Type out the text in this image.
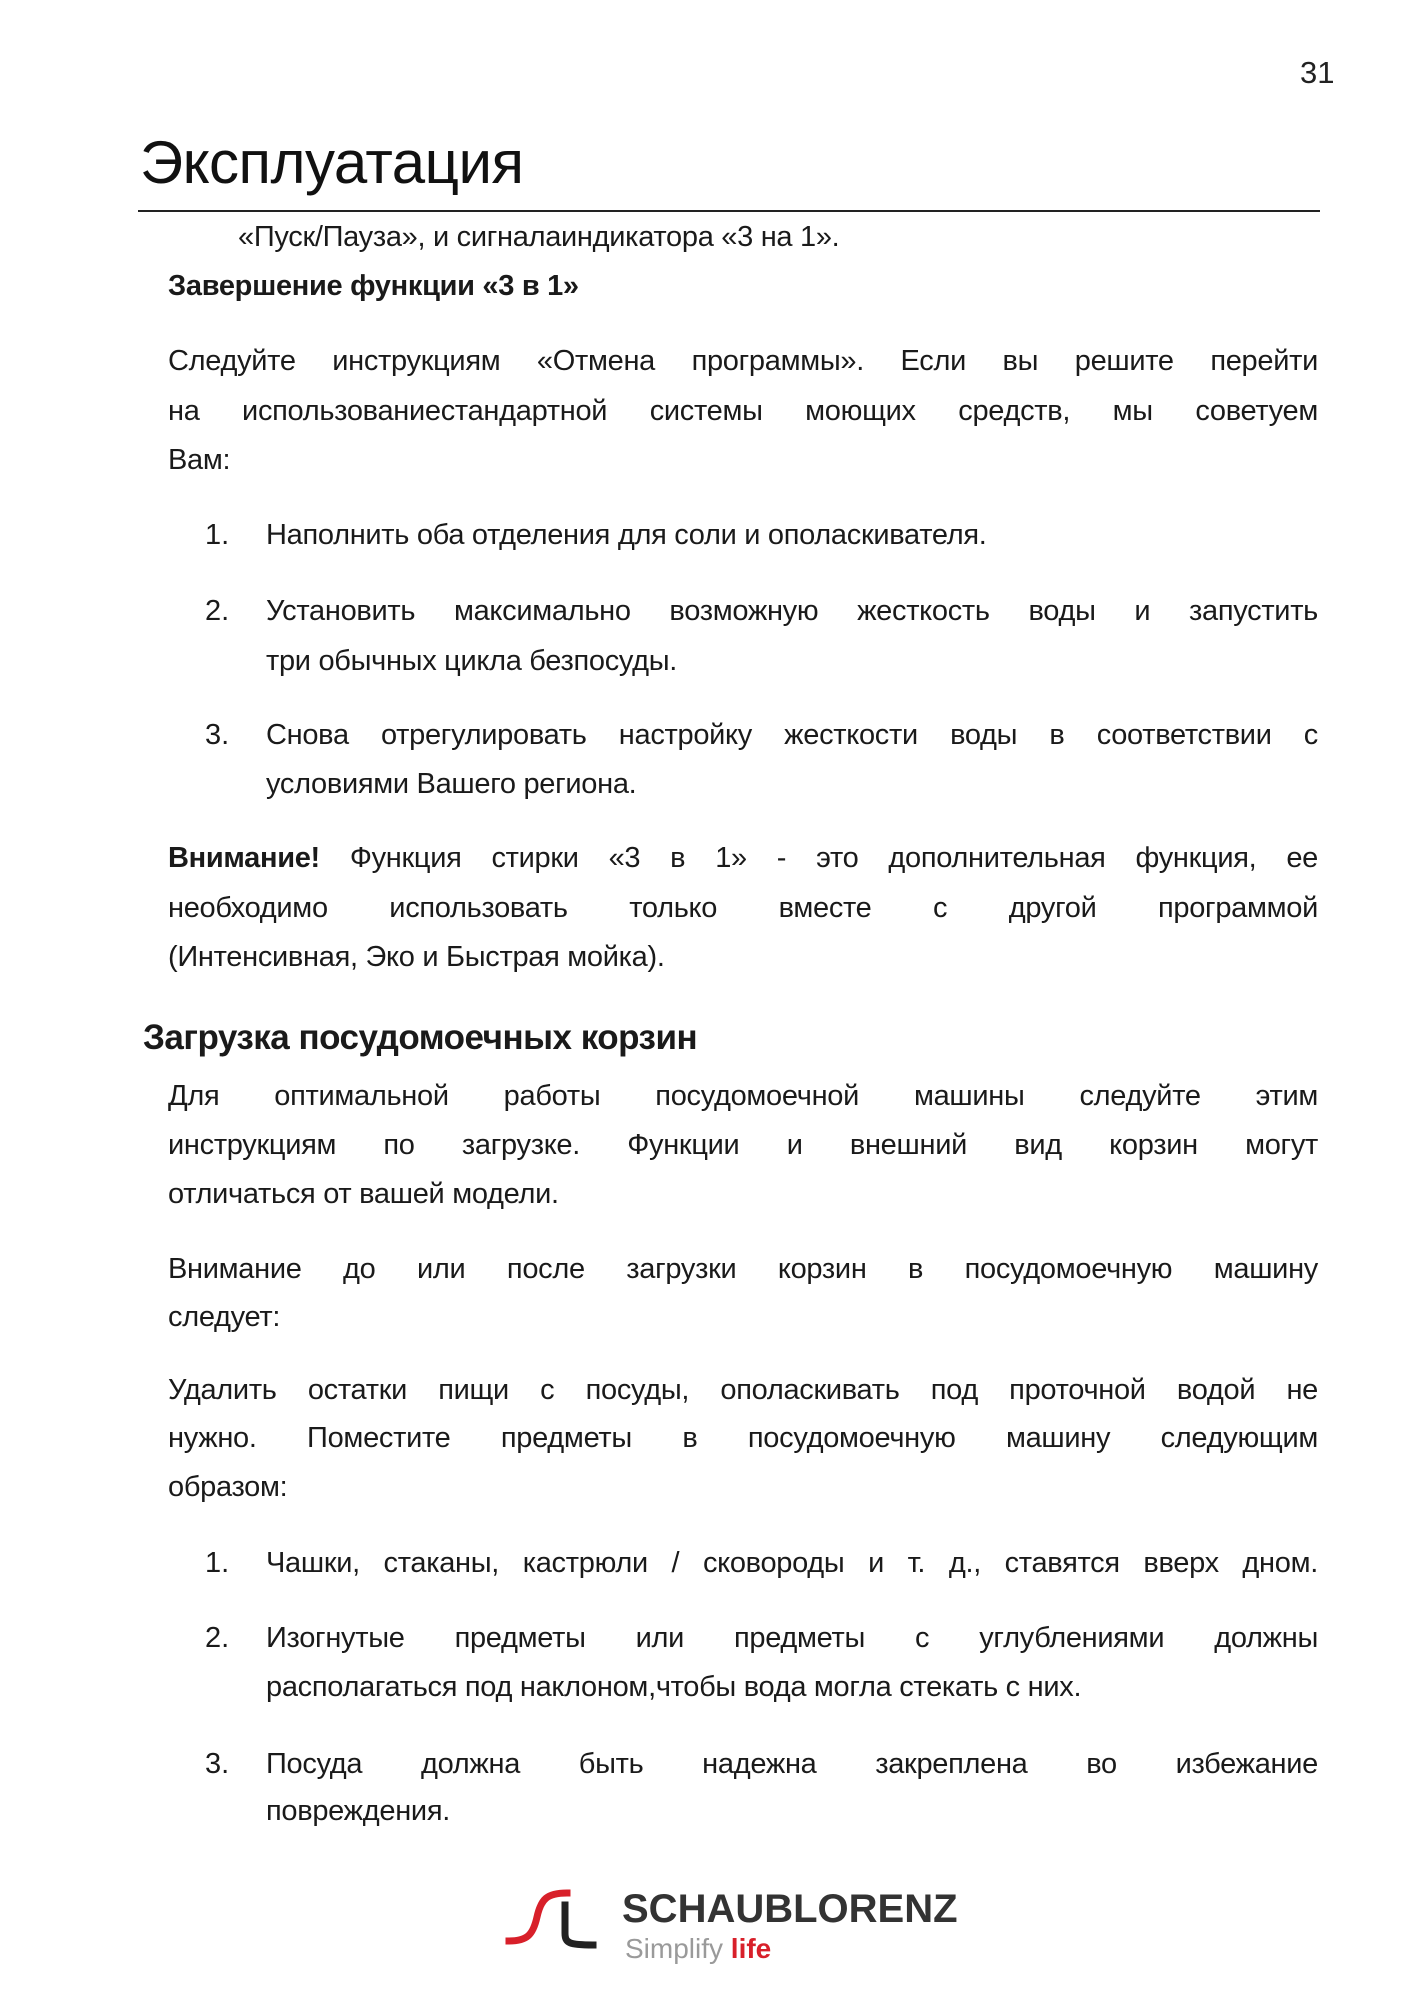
31
Эксплуатация
«Пуск/Пауза», и сигналаиндикатора «3 на 1».
Завершение функции «3 в 1»
Следуйте инструкциям «Отмена программы». Если вы решите перейти
на использованиестандартной системы моющих средств, мы советуем
Вам:
1. Наполнить оба отделения для соли и ополаскивателя.
2. Установить максимально возможную жесткость воды и запустить
три обычных цикла безпосуды.
3. Снова отрегулировать настройку жесткости воды в соответствии с
условиями Вашего региона.
Внимание! Функция стирки «3 в 1» - это дополнительная функция, ее
необходимо использовать только вместе с другой программой
(Интенсивная, Эко и Быстрая мойка).
Загрузка посудомоечных корзин
Для оптимальной работы посудомоечной машины следуйте этим
инструкциям по загрузке. Функции и внешний вид корзин могут
отличаться от вашей модели.
Внимание до или после загрузки корзин в посудомоечную машину
следует:
Удалить остатки пищи с посуды, ополаскивать под проточной водой не
нужно. Поместите предметы в посудомоечную машину следующим
образом:
1. Чашки, стаканы, кастрюли / сковороды и т. д., ставятся вверх дном.
2. Изогнутые предметы или предметы с углублениями должны
располагаться под наклоном,чтобы вода могла стекать с них.
3. Посуда должна быть надежна закреплена во избежание
повреждения.
SCHAUBLORENZ
Simplify life
